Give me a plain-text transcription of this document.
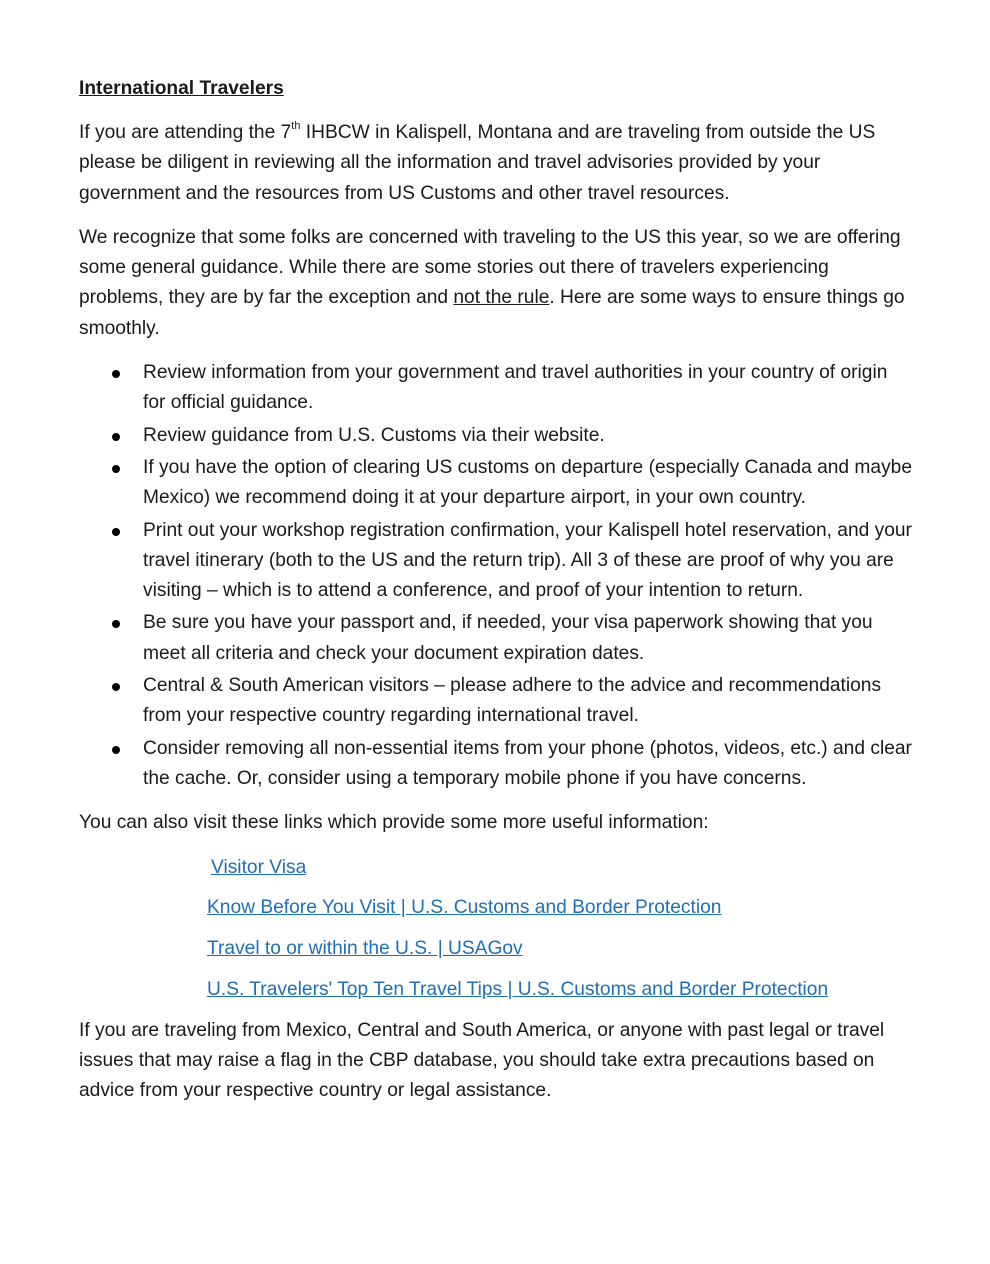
International Travelers

If you are attending the 7th IHBCW in Kalispell, Montana and are traveling from outside the US please be diligent in reviewing all the information and travel advisories provided by your government and the resources from US Customs and other travel resources.

We recognize that some folks are concerned with traveling to the US this year, so we are offering some general guidance. While there are some stories out there of travelers experiencing problems, they are by far the exception and not the rule. Here are some ways to ensure things go smoothly.

Review information from your government and travel authorities in your country of origin for official guidance.
Review guidance from U.S. Customs via their website.
If you have the option of clearing US customs on departure (especially Canada and maybe Mexico) we recommend doing it at your departure airport, in your own country.
Print out your workshop registration confirmation, your Kalispell hotel reservation, and your travel itinerary (both to the US and the return trip). All 3 of these are proof of why you are visiting – which is to attend a conference, and proof of your intention to return.
Be sure you have your passport and, if needed, your visa paperwork showing that you meet all criteria and check your document expiration dates.
Central & South American visitors – please adhere to the advice and recommendations from your respective country regarding international travel.
Consider removing all non-essential items from your phone (photos, videos, etc.) and clear the cache. Or, consider using a temporary mobile phone if you have concerns.

You can also visit these links which provide some more useful information:

Visitor Visa
Know Before You Visit | U.S. Customs and Border Protection
Travel to or within the U.S. | USAGov
U.S. Travelers' Top Ten Travel Tips | U.S. Customs and Border Protection

If you are traveling from Mexico, Central and South America, or anyone with past legal or travel issues that may raise a flag in the CBP database, you should take extra precautions based on advice from your respective country or legal assistance.
